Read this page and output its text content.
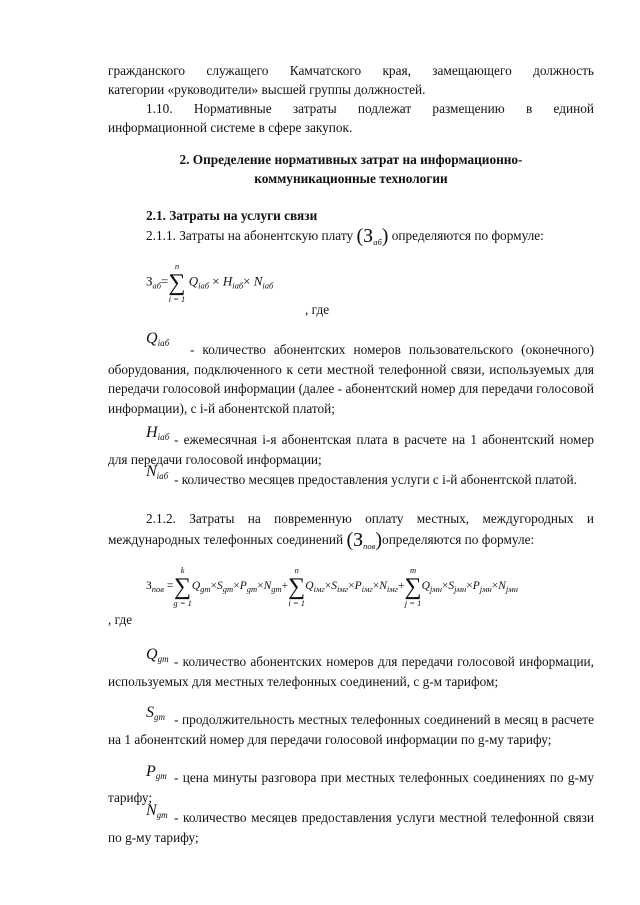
гражданского служащего Камчатского края, замещающего должность
категории «руководители» высшей группы должностей.
1.10. Нормативные затраты подлежат размещению в единой
информационной системе в сфере закупок.
2. Определение нормативных затрат на информационно-
коммуникационные технологии
2.1. Затраты на услуги связи
2.1.1. Затраты на абонентскую плату $(З_{аб})$ определяются по формуле:
$З_{аб}=$
n
∑
i = 1
$Q_{iаб} \times H_{iаб}\times N_{iаб}$
, где
$Q_{iаб}$	- количество абонентских номеров пользовательского (оконечного) оборудования, подключенного к сети местной телефонной связи, используемых для передачи голосовой информации (далее - абонентский номер для передачи голосовой информации), с i-й абонентской платой;
$H_{iаб}$ - ежемесячная i-я абонентская плата в расчете на 1 абонентский номер для передачи голосовой информации;
$N_{iаб}$ - количество месяцев предоставления услуги с i-й абонентской платой.
2.1.2. Затраты на повременную оплату местных, междугородных и
международных телефонных соединений $(З_{пов})определяются$ по формуле:
$З_{пов}$ =
k
∑
g = 1
$Q_{gm}\times S_{gm}\times P_{gm}\times N_{gm}+$
n
∑
i = 1
$Q_{iмг}\times S_{iмг}\times P_{iмг}\times N_{iмг}+$
m
∑
j = 1
$Q_{jмн}\times S_{jмн}\times P_{jмн}\times N_{jмн}$
, где
$Q_{gm}$ - количество абонентских номеров для передачи голосовой информации, используемых для местных телефонных соединений, с g-м тарифом;
$S_{gm}$ - продолжительность местных телефонных соединений в месяц в расчете на 1 абонентский номер для передачи голосовой информации по g-му тарифу;
$P_{gm}$ - цена минуты разговора при местных телефонных соединениях по g-му тарифу;
$N_{gm}$ - количество месяцев предоставления услуги местной телефонной связи по g-му тарифу;
